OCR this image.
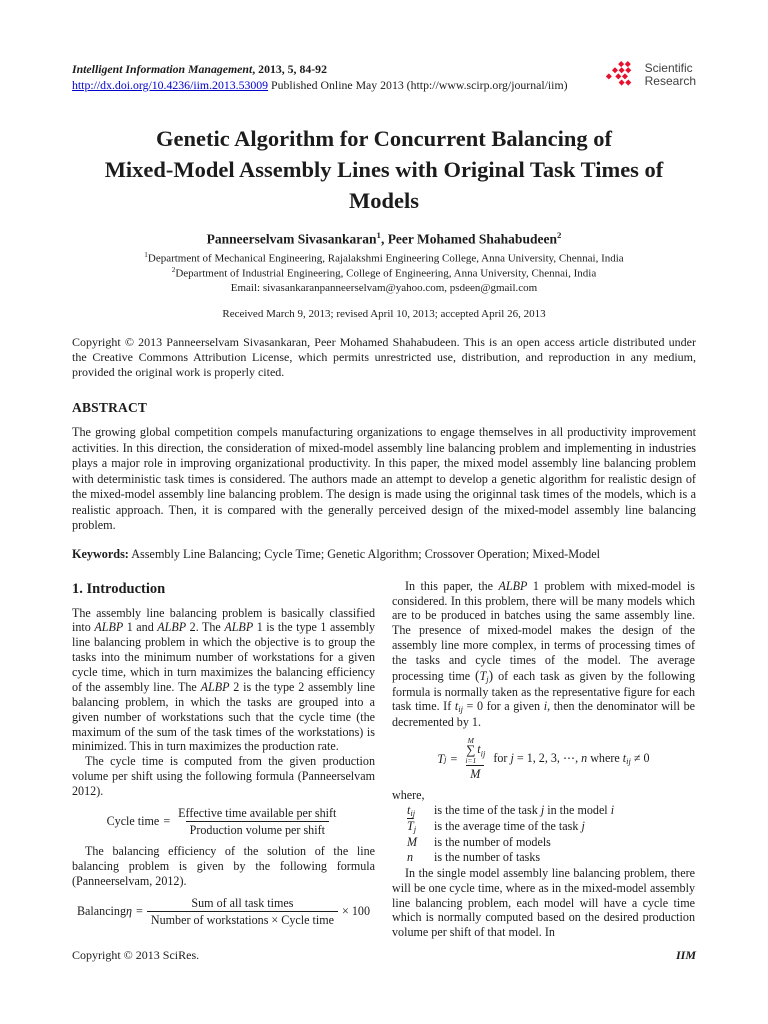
Intelligent Information Management, 2013, 5, 84-92
http://dx.doi.org/10.4236/iim.2013.53009 Published Online May 2013 (http://www.scirp.org/journal/iim)
Scientific
Research
Genetic Algorithm for Concurrent Balancing of
Mixed-Model Assembly Lines with Original Task Times of
Models
Panneerselvam Sivasankaran$^1$, Peer Mohamed Shahabudeen$^2$
$^1$Department of Mechanical Engineering, Rajalakshmi Engineering College, Anna University, Chennai, India
$^2$Department of Industrial Engineering, College of Engineering, Anna University, Chennai, India
Email: sivasankaranpanneerselvam@yahoo.com, psdeen@gmail.com
Received March 9, 2013; revised April 10, 2013; accepted April 26, 2013

Copyright © 2013 Panneerselvam Sivasankaran, Peer Mohamed Shahabudeen. This is an open access article distributed under the Creative Commons Attribution License, which permits unrestricted use, distribution, and reproduction in any medium, provided the original work is properly cited.

ABSTRACT

The growing global competition compels manufacturing organizations to engage themselves in all productivity improvement activities. In this direction, the consideration of mixed-model assembly line balancing problem and implementing in industries plays a major role in improving organizational productivity. In this paper, the mixed model assembly line balancing problem with deterministic task times is considered. The authors made an attempt to develop a genetic algorithm for realistic design of the mixed-model assembly line balancing problem. The design is made using the originnal task times of the models, which is a realistic approach. Then, it is compared with the generally perceived design of the mixed-model assembly line balancing problem.

Keywords: Assembly Line Balancing; Cycle Time; Genetic Algorithm; Crossover Operation; Mixed-Model

1. Introduction

The assembly line balancing problem is basically classified into ALBP 1 and ALBP 2. The ALBP 1 is the type 1 assembly line balancing problem in which the objective is to group the tasks into the minimum number of workstations for a given cycle time, which in turn maximizes the balancing efficiency of the assembly line. The ALBP 2 is the type 2 assembly line balancing problem, in which the tasks are grouped into a given number of workstations such that the cycle time (the maximum of the sum of the task times of the workstations) is minimized. This in turn maximizes the production rate.

The cycle time is computed from the given production volume per shift using the following formula (Panneerselvam 2012).

Cycle time = $\frac{\text{Effective time available per shift}}{\text{Production volume per shift}}$

The balancing efficiency of the solution of the line balancing problem is given by the following formula (Panneerselvam, 2012).

Balancing $\eta = \frac{\text{Sum of all task times}}{\text{Number of workstations × Cycle time}} \times 100$

In this paper, the ALBP 1 problem with mixed-model is considered. In this problem, there will be many models which are to be produced in batches using the same assembly line. The presence of mixed-model makes the design of the assembly line more complex, in terms of processing times of the tasks and cycle times of the model. The average processing time (Tj) of each task as given by the following formula is normally taken as the representative figure for each task time. If tij = 0 for a given i, then the denominator will be decremented by 1.

T j =
M
∑
i=1
$t_{ij}$
M
for j = 1, 2, 3, ⋯, n where tij ≠ 0

where,

tij	is the time of the task j in the model i
$\overline{T}j$	is the average time of the task j
M	is the number of models
n	is the number of tasks

In the single model assembly line balancing problem, there will be one cycle time, where as in the mixed-model assembly line balancing problem, each model will have a cycle time which is normally computed based on the desired production volume per shift of that model. In

Copyright © 2013 SciRes.	IIM
